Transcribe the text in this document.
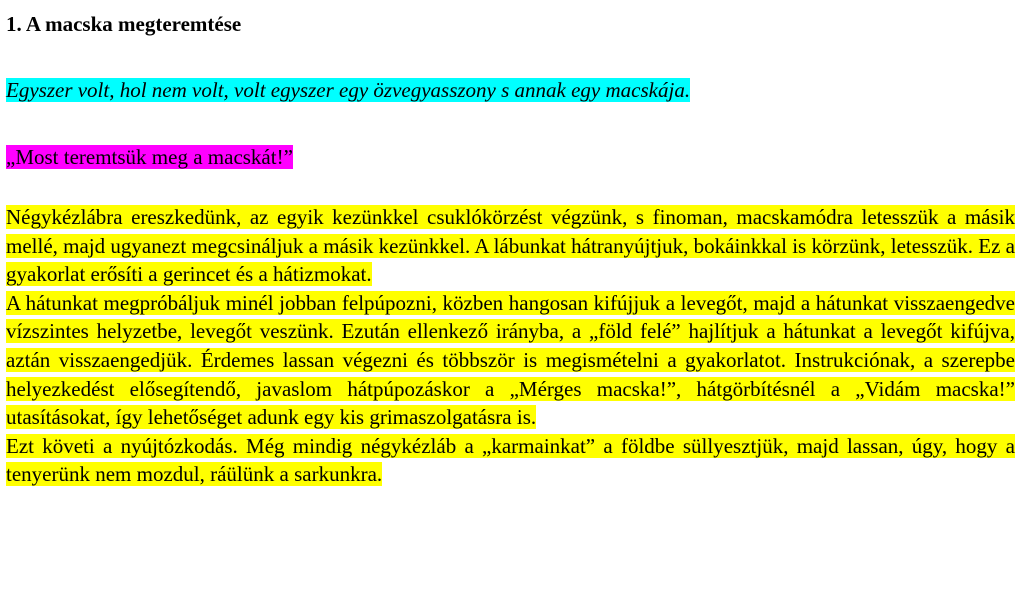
1. A macska megteremtése

Egyszer volt, hol nem volt, volt egyszer egy özvegyasszony s annak egy macskája.

„Most teremtsük meg a macskát!”

Négykézlábra ereszkedünk, az egyik kezünkkel csuklókörzést végzünk, s finoman, macskamódra letesszük a másik mellé, majd ugyanezt megcsináljuk a másik kezünkkel. A lábunkat hátranyújtjuk, bokáinkkal is körzünk, letesszük. Ez a gyakorlat erősíti a gerincet és a hátizmokat.

A hátunkat megpróbáljuk minél jobban felpúpozni, közben hangosan kifújjuk a levegőt, majd a hátunkat visszaengedve vízszintes helyzetbe, levegőt veszünk. Ezután ellenkező irányba, a „föld felé” hajlítjuk a hátunkat a levegőt kifújva, aztán visszaengedjük. Érdemes lassan végezni és többször is megismételni a gyakorlatot. Instrukciónak, a szerepbe helyezkedést elősegítendő, javaslom hátpúpozáskor a „Mérges macska!”, hátgörbítésnél a „Vidám macska!” utasításokat, így lehetőséget adunk egy kis grimaszolgatásra is.

Ezt követi a nyújtózkodás. Még mindig négykézláb a „karmainkat” a földbe süllyesztjük, majd lassan, úgy, hogy a tenyerünk nem mozdul, ráülünk a sarkunkra.
